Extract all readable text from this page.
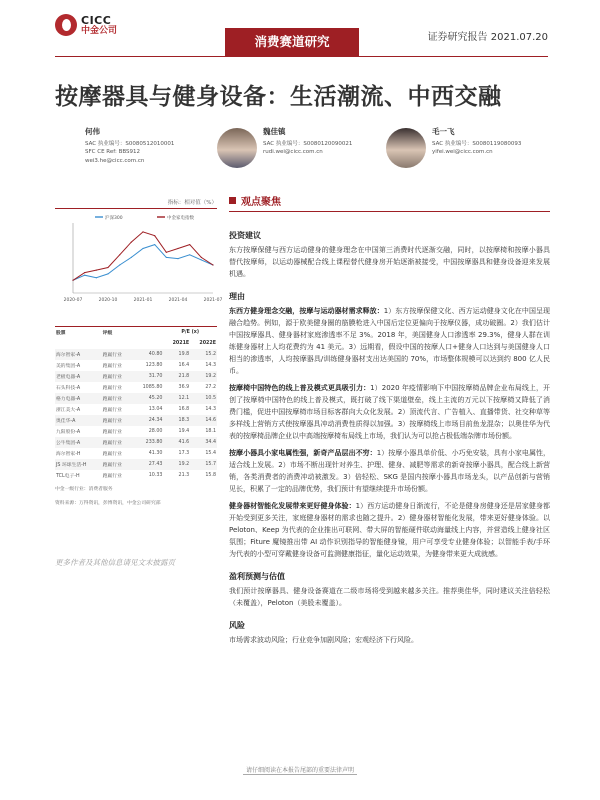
CICC
中金公司
消费赛道研究	证券研究报告 2021.07.20
按摩器具与健身设备：生活潮流、中西交融
何伟
SAC 执业编号：S0080512010001
SFC CE Ref: BBS912
wei3.he@cicc.com.cn
魏佳镇
SAC 执业编号：S0080120090021
rudi.wei@cicc.com.cn
毛一飞
SAC 执业编号：S0080119080093
yifei.wei@cicc.com.cn
指标：相对值（%）
沪深300	中金家电指数
2020-07	2020-10	2021-01	2021-04	2021-07
股票	评级		P/E (x)	
			2021E	2022E
海尔智家-A	跑赢行业	40.80	19.8	15.2
美的集团-A	跑赢行业	123.80	16.4	14.3
老板电器-A	跑赢行业	31.70	21.8	19.2
石头科技-A	跑赢行业	1085.80	36.9	27.2
格力电器-A	跑赢行业	45.20	12.1	10.5
浙江美大-A	跑赢行业	13.04	16.8	14.3
奥佳华-A	跑赢行业	24.34	18.3	14.6
九阳股份-A	跑赢行业	28.00	19.4	18.1
公牛集团-A	跑赢行业	233.80	41.6	34.4
海尔智家-H	跑赢行业	41.30	17.3	15.4
JS 环球生活-H	跑赢行业	27.43	19.2	15.7
TCL电子-H	跑赢行业	10.33	21.3	15.8
中金一级行业：消费者服务
资料来源：万得资讯，彭博资讯，中金公司研究部
更多作者及其他信息请见文末披露页
观点聚焦
投资建议

东方按摩保健与西方运动健身的健身理念在中国第三消费时代逐渐交融，同时，以按摩椅和按摩小器具替代按摩师，以运动器械配合线上课程替代健身房开始逐渐被接受，中国按摩器具和健身设备迎来发展机遇。

理由

东西方健身理念交融，按摩与运动器材需求释放：1）东方按摩保健文化、西方运动健身文化在中国呈现融合趋势。例如，源于欧美健身圈的筋膜枪进入中国后定位更偏向于按摩仪器，成功破圈。2）我们估计中国按摩器具、健身器材家庭渗透率不足 3%。2018 年，美国健身人口渗透率 29.3%，健身人群在训练健身器材上人均花费约为 41 美元。3）远期看，假设中国的按摩人口+健身人口达到与美国健身人口相当的渗透率，人均按摩器具/训练健身器材支出达美国的 70%，市场整体规模可以达到约 800 亿人民币。

按摩椅中国特色的线上普及模式更具吸引力：1）2020 年疫情影响下中国按摩椅品牌企业布局线上，开创了按摩椅中国特色的线上普及模式，既打破了线下渠道壁垒，线上主流的万元以下按摩椅又降低了消费门槛，促进中国按摩椅市场目标客群向大众化发展。2）顶流代言、广告植入、直播带货、社交种草等多样线上营销方式使按摩器具冲动消费性质得以加强。3）按摩椅线上市场目前鱼龙混杂；以奥佳华为代表的按摩椅品牌企业以中高端按摩椅布局线上市场，我们认为可以抢占极低端杂牌市场份额。

按摩小器具小家电属性强，新奇产品层出不穷：1）按摩小器具单价低、小巧免安装，具有小家电属性，适合线上发展。2）市场不断出现针对养生、护理、健身、减肥等需求的新奇按摩小器具，配合线上新营销，各类消费者的消费冲动被激发。3）倍轻松、SKG 是国内按摩小器具市场龙头，以产品创新与营销见长，积累了一定的品牌优势，我们预计有望继续提升市场份额。

健身器材智能化发展带来更好健身体验：1）西方运动健身日渐流行，不论是健身房健身还是居家健身都开始受到更多关注，家庭健身器材的需求也随之提升。2）健身器材智能化发展，带来更好健身体验。以 Peloton、Keep 为代表的企业推出可联网、带大屏的智能硬件联动海量线上内容，并营造线上健身社区氛围；Fiture 魔镜推出带 AI 动作识别指导的智能健身镜，用户可享受专业健身体验；以智能手表/手环为代表的小型可穿戴健身设备可监测健康指征，量化运动效果，为健身带来更大成就感。

盈利预测与估值

我们预计按摩器具、健身设备赛道在二级市场将受到越来越多关注。推荐奥佳华，同时建议关注倍轻松（未覆盖），Peloton（美股未覆盖）。

风险

市场需求波动风险；行业竞争加剧风险；宏观经济下行风险。

请仔细阅读在本报告尾部的重要法律声明
